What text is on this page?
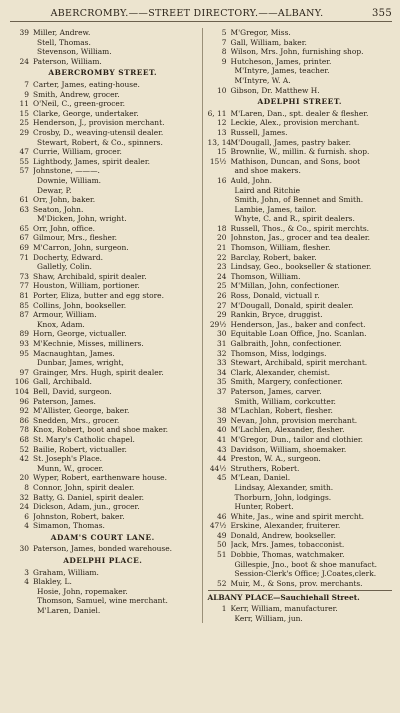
ABERCROMBY.——STREET DIRECTORY.——ALBANY.	355
39 Miller, Andrew.
Stell, Thomas.
Stevenson, William.
24 Paterson, William.
ABERCROMBY STREET.
7 Carter, James, eating-house.
9 Smith, Andrew, grocer.
11 O'Neil, C., green-grocer.
15 Clarke, George, undertaker.
25 Henderson, J., provision merchant.
29 Crosby, D., weaving-utensil dealer.
Stewart, Robert, & Co., spinners.
47 Currie, William, grocer.
55 Lightbody, James, spirit dealer.
57 Johnstone, ———.
Downie, William.
Dewar, P.
61 Orr, John, baker.
63 Seaton, John.
M'Dicken, John, wright.
65 Orr, John, office.
67 Gilmour, Mrs., flesher.
69 M'Carron, John, surgeon.
71 Docherty, Edward.
Galletly, Colin.
73 Shaw, Archibald, spirit dealer.
77 Houston, William, portioner.
81 Porter, Eliza, butter and egg store.
85 Collins, John, bookseller.
87 Armour, William.
Knox, Adam.
89 Horn, George, victualler.
93 M'Kechnie, Misses, milliners.
95 Macnaughtan, James.
Dunbar, James, wright,
97 Grainger, Mrs. Hugh, spirit dealer.
106 Gall, Archibald.
104 Bell, David, surgeon.
96 Paterson, James.
92 M'Allister, George, baker.
86 Snedden, Mrs., grocer.
78 Knox, Robert, boot and shoe maker.
68 St. Mary's Catholic chapel.
52 Bailie, Robert, victualler.
42 St. Joseph's Place.
Munn, W., grocer.
20 Wyper, Robert, earthenware house.
8 Connor, John, spirit dealer.
32 Batty, G. Daniel, spirit dealer.
24 Dickson, Adam, jun., grocer.
6 Johnston, Robert, baker.
4 Simamon, Thomas.
ADAM'S COURT LANE.
30 Paterson, James, bonded warehouse.
ADELPHI PLACE.
3 Graham, William.
4 Blakley, L.
Hosie, John, ropemaker.
Thomson, Samuel, wine merchant.
M'Laren, Daniel.
5 M'Gregor, Miss.
7 Gall, William, baker.
8 Wilson, Mrs. John, furnishing shop.
9 Hutcheson, James, printer.
M'Intyre, James, teacher.
M'Intyre, W. A.
10 Gibson, Dr. Matthew H.
ADELPHI STREET.
6, 11 M'Laren, Dan., spt. dealer & flesher.
12 Leckie, Alex., provision merchant.
13 Russell, James.
13, 14 M'Dougall, James, pastry baker.
15 Brownlie, W., millin. & furnish. shop.
15½ Mathison, Duncan, and Sons, boot
and shoe makers.
16 Auld, John.
Laird and Ritchie
Smith, John, of Bennet and Smith.
Lambie, James, tailor.
Whyte, C. and R., spirit dealers.
18 Russell, Thos., & Co., spirit merchts.
20 Johnston, Jas., grocer and tea dealer.
21 Thomson, William, flesher.
22 Barclay, Robert, baker.
23 Lindsay, Geo., bookseller & stationer.
24 Thomson, William.
25 M'Millan, John, confectioner.
26 Ross, Donald, victuall r.
27 M'Dougall, Donald, spirit dealer.
29 Rankin, Bryce, druggist.
29½ Henderson, Jas., baker and confect.
30 Equitable Loan Office, Jno. Scanlan.
31 Galbraith, John, confectioner.
32 Thomson, Miss, lodgings.
33 Stewart, Archibald, spirit merchant.
34 Clark, Alexander, chemist.
35 Smith, Margery, confectioner.
37 Paterson, James, carver.
Smith, William, corkcutter.
38 M'Lachlan, Robert, flesher.
39 Nevan, John, provision merchant.
40 M'Lachlen, Alexander, flesher.
41 M'Gregor, Dun., tailor and clothier.
43 Davidson, William, shoemaker.
44 Preston, W. A., surgeon.
44½ Struthers, Robert.
45 M'Lean, Daniel.
Lindsay, Alexander, smith.
Thorburn, John, lodgings.
Hunter, Robert.
46 White, Jas., wine and spirit mercht.
47½ Erskine, Alexander, fruiterer.
49 Donald, Andrew, bookseller.
50 Jack, Mrs. James, tobacconist.
51 Dobbie, Thomas, watchmaker.
Gillespie, Jno., boot & shoe manufact.
Session-Clerk's Office; J.Coates,clerk.
52 Muir, M., & Sons, prov. merchants.
ALBANY PLACE—Sauchiehall Street.
1 Kerr, William, manufacturer.
Kerr, William, jun.
